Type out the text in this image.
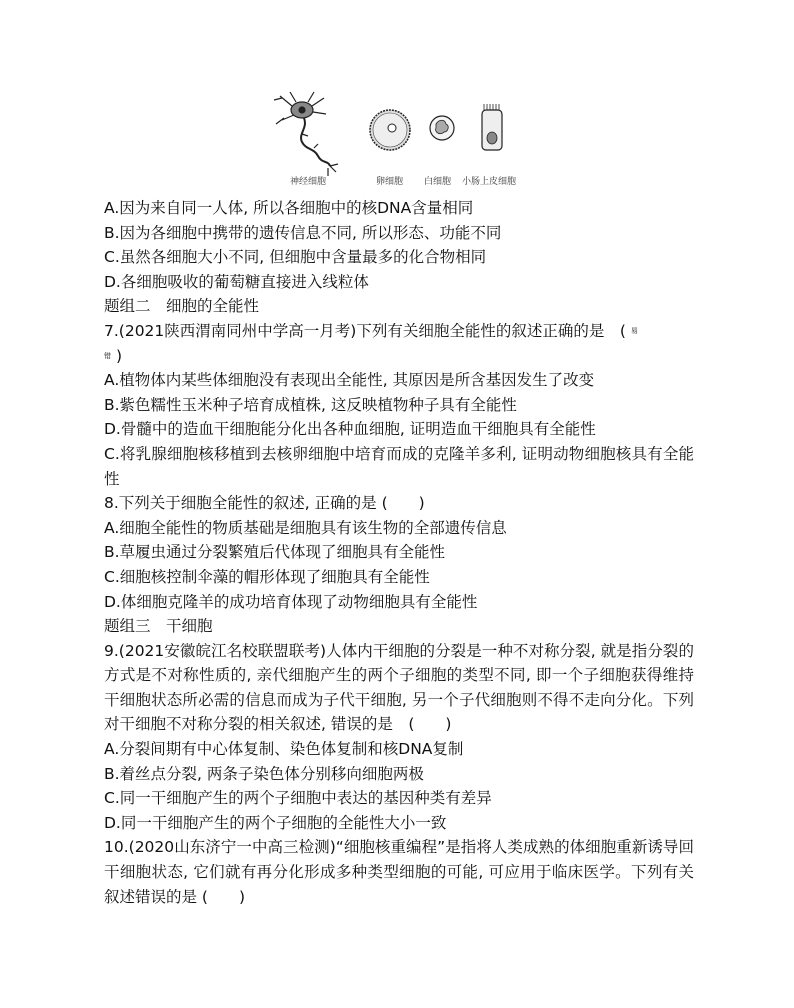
神经细胞	卵细胞 白细胞 小肠上皮细胞
A.因为来自同一人体, 所以各细胞中的核DNA含量相同
B.因为各细胞中携带的遗传信息不同, 所以形态、功能不同
C.虽然各细胞大小不同, 但细胞中含量最多的化合物相同
D.各细胞吸收的葡萄糖直接进入线粒体
题组二　细胞的全能性
7.(2021陕西渭南同州中学高一月考)下列有关细胞全能性的叙述正确的是　( 易
错 )
A.植物体内某些体细胞没有表现出全能性, 其原因是所含基因发生了改变
B.紫色糯性玉米种子培育成植株, 这反映植物种子具有全能性
D.骨髓中的造血干细胞能分化出各种血细胞, 证明造血干细胞具有全能性
C.将乳腺细胞核移植到去核卵细胞中培育而成的克隆羊多利, 证明动物细胞核具有全能性
8.下列关于细胞全能性的叙述, 正确的是 (　　)
A.细胞全能性的物质基础是细胞具有该生物的全部遗传信息
B.草履虫通过分裂繁殖后代体现了细胞具有全能性
C.细胞核控制伞藻的帽形体现了细胞具有全能性
D.体细胞克隆羊的成功培育体现了动物细胞具有全能性
题组三　干细胞
9.(2021安徽皖江名校联盟联考)人体内干细胞的分裂是一种不对称分裂, 就是指分裂的方式是不对称性质的, 亲代细胞产生的两个子细胞的类型不同, 即一个子细胞获得维持干细胞状态所必需的信息而成为子代干细胞, 另一个子代细胞则不得不走向分化。下列对干细胞不对称分裂的相关叙述, 错误的是　(　　)
A.分裂间期有中心体复制、染色体复制和核DNA复制
B.着丝点分裂, 两条子染色体分别移向细胞两极
C.同一干细胞产生的两个子细胞中表达的基因种类有差异
D.同一干细胞产生的两个子细胞的全能性大小一致
10.(2020山东济宁一中高三检测)“细胞核重编程”是指将人类成熟的体细胞重新诱导回干细胞状态, 它们就有再分化形成多种类型细胞的可能, 可应用于临床医学。下列有关叙述错误的是 (　　)
